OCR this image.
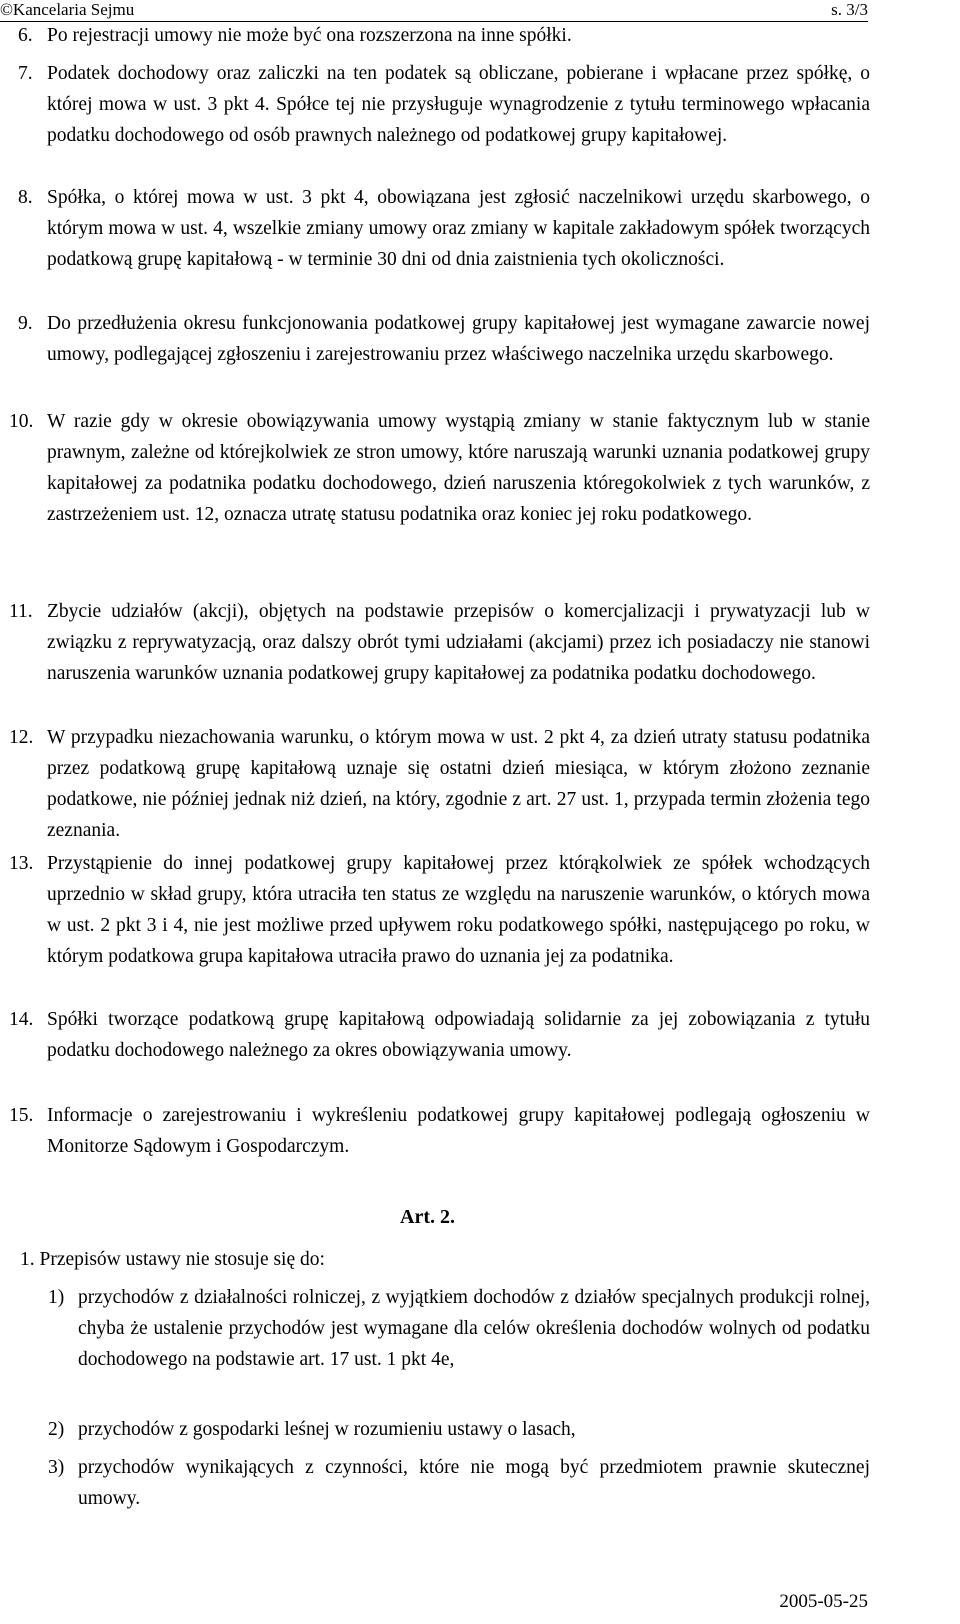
©Kancelaria Sejmu	s. 3/3

6. Po rejestracji umowy nie może być ona rozszerzona na inne spółki.

7. Podatek dochodowy oraz zaliczki na ten podatek są obliczane, pobierane i wpłacane przez spółkę, o której mowa w ust. 3 pkt 4. Spółce tej nie przysługuje wynagrodzenie z tytułu terminowego wpłacania podatku dochodowego od osób prawnych należnego od podatkowej grupy kapitałowej.

8. Spółka, o której mowa w ust. 3 pkt 4, obowiązana jest zgłosić naczelnikowi urzędu skarbowego, o którym mowa w ust. 4, wszelkie zmiany umowy oraz zmiany w kapitale zakładowym spółek tworzących podatkową grupę kapitałową - w terminie 30 dni od dnia zaistnienia tych okoliczności.

9. Do przedłużenia okresu funkcjonowania podatkowej grupy kapitałowej jest wymagane zawarcie nowej umowy, podlegającej zgłoszeniu i zarejestrowaniu przez właściwego naczelnika urzędu skarbowego.

10. W razie gdy w okresie obowiązywania umowy wystąpią zmiany w stanie faktycznym lub w stanie prawnym, zależne od którejkolwiek ze stron umowy, które naruszają warunki uznania podatkowej grupy kapitałowej za podatnika podatku dochodowego, dzień naruszenia któregokolwiek z tych warunków, z zastrzeżeniem ust. 12, oznacza utratę statusu podatnika oraz koniec jej roku podatkowego.

11. Zbycie udziałów (akcji), objętych na podstawie przepisów o komercjalizacji i prywatyzacji lub w związku z reprywatyzacją, oraz dalszy obrót tymi udziałami (akcjami) przez ich posiadaczy nie stanowi naruszenia warunków uznania podatkowej grupy kapitałowej za podatnika podatku dochodowego.

12. W przypadku niezachowania warunku, o którym mowa w ust. 2 pkt 4, za dzień utraty statusu podatnika przez podatkową grupę kapitałową uznaje się ostatni dzień miesiąca, w którym złożono zeznanie podatkowe, nie później jednak niż dzień, na który, zgodnie z art. 27 ust. 1, przypada termin złożenia tego zeznania.

13. Przystąpienie do innej podatkowej grupy kapitałowej przez którąkolwiek ze spółek wchodzących uprzednio w skład grupy, która utraciła ten status ze względu na naruszenie warunków, o których mowa w ust. 2 pkt 3 i 4, nie jest możliwe przed upływem roku podatkowego spółki, następującego po roku, w którym podatkowa grupa kapitałowa utraciła prawo do uznania jej za podatnika.

14. Spółki tworzące podatkową grupę kapitałową odpowiadają solidarnie za jej zobowiązania z tytułu podatku dochodowego należnego za okres obowiązywania umowy.

15. Informacje o zarejestrowaniu i wykreśleniu podatkowej grupy kapitałowej podlegają ogłoszeniu w Monitorze Sądowym i Gospodarczym.

Art. 2.
1. Przepisów ustawy nie stosuje się do:

1) przychodów z działalności rolniczej, z wyjątkiem dochodów z działów specjalnych produkcji rolnej, chyba że ustalenie przychodów jest wymagane dla celów określenia dochodów wolnych od podatku dochodowego na podstawie art. 17 ust. 1 pkt 4e,

2) przychodów z gospodarki leśnej w rozumieniu ustawy o lasach,

3) przychodów wynikających z czynności, które nie mogą być przedmiotem prawnie skutecznej umowy.

2005-05-25
